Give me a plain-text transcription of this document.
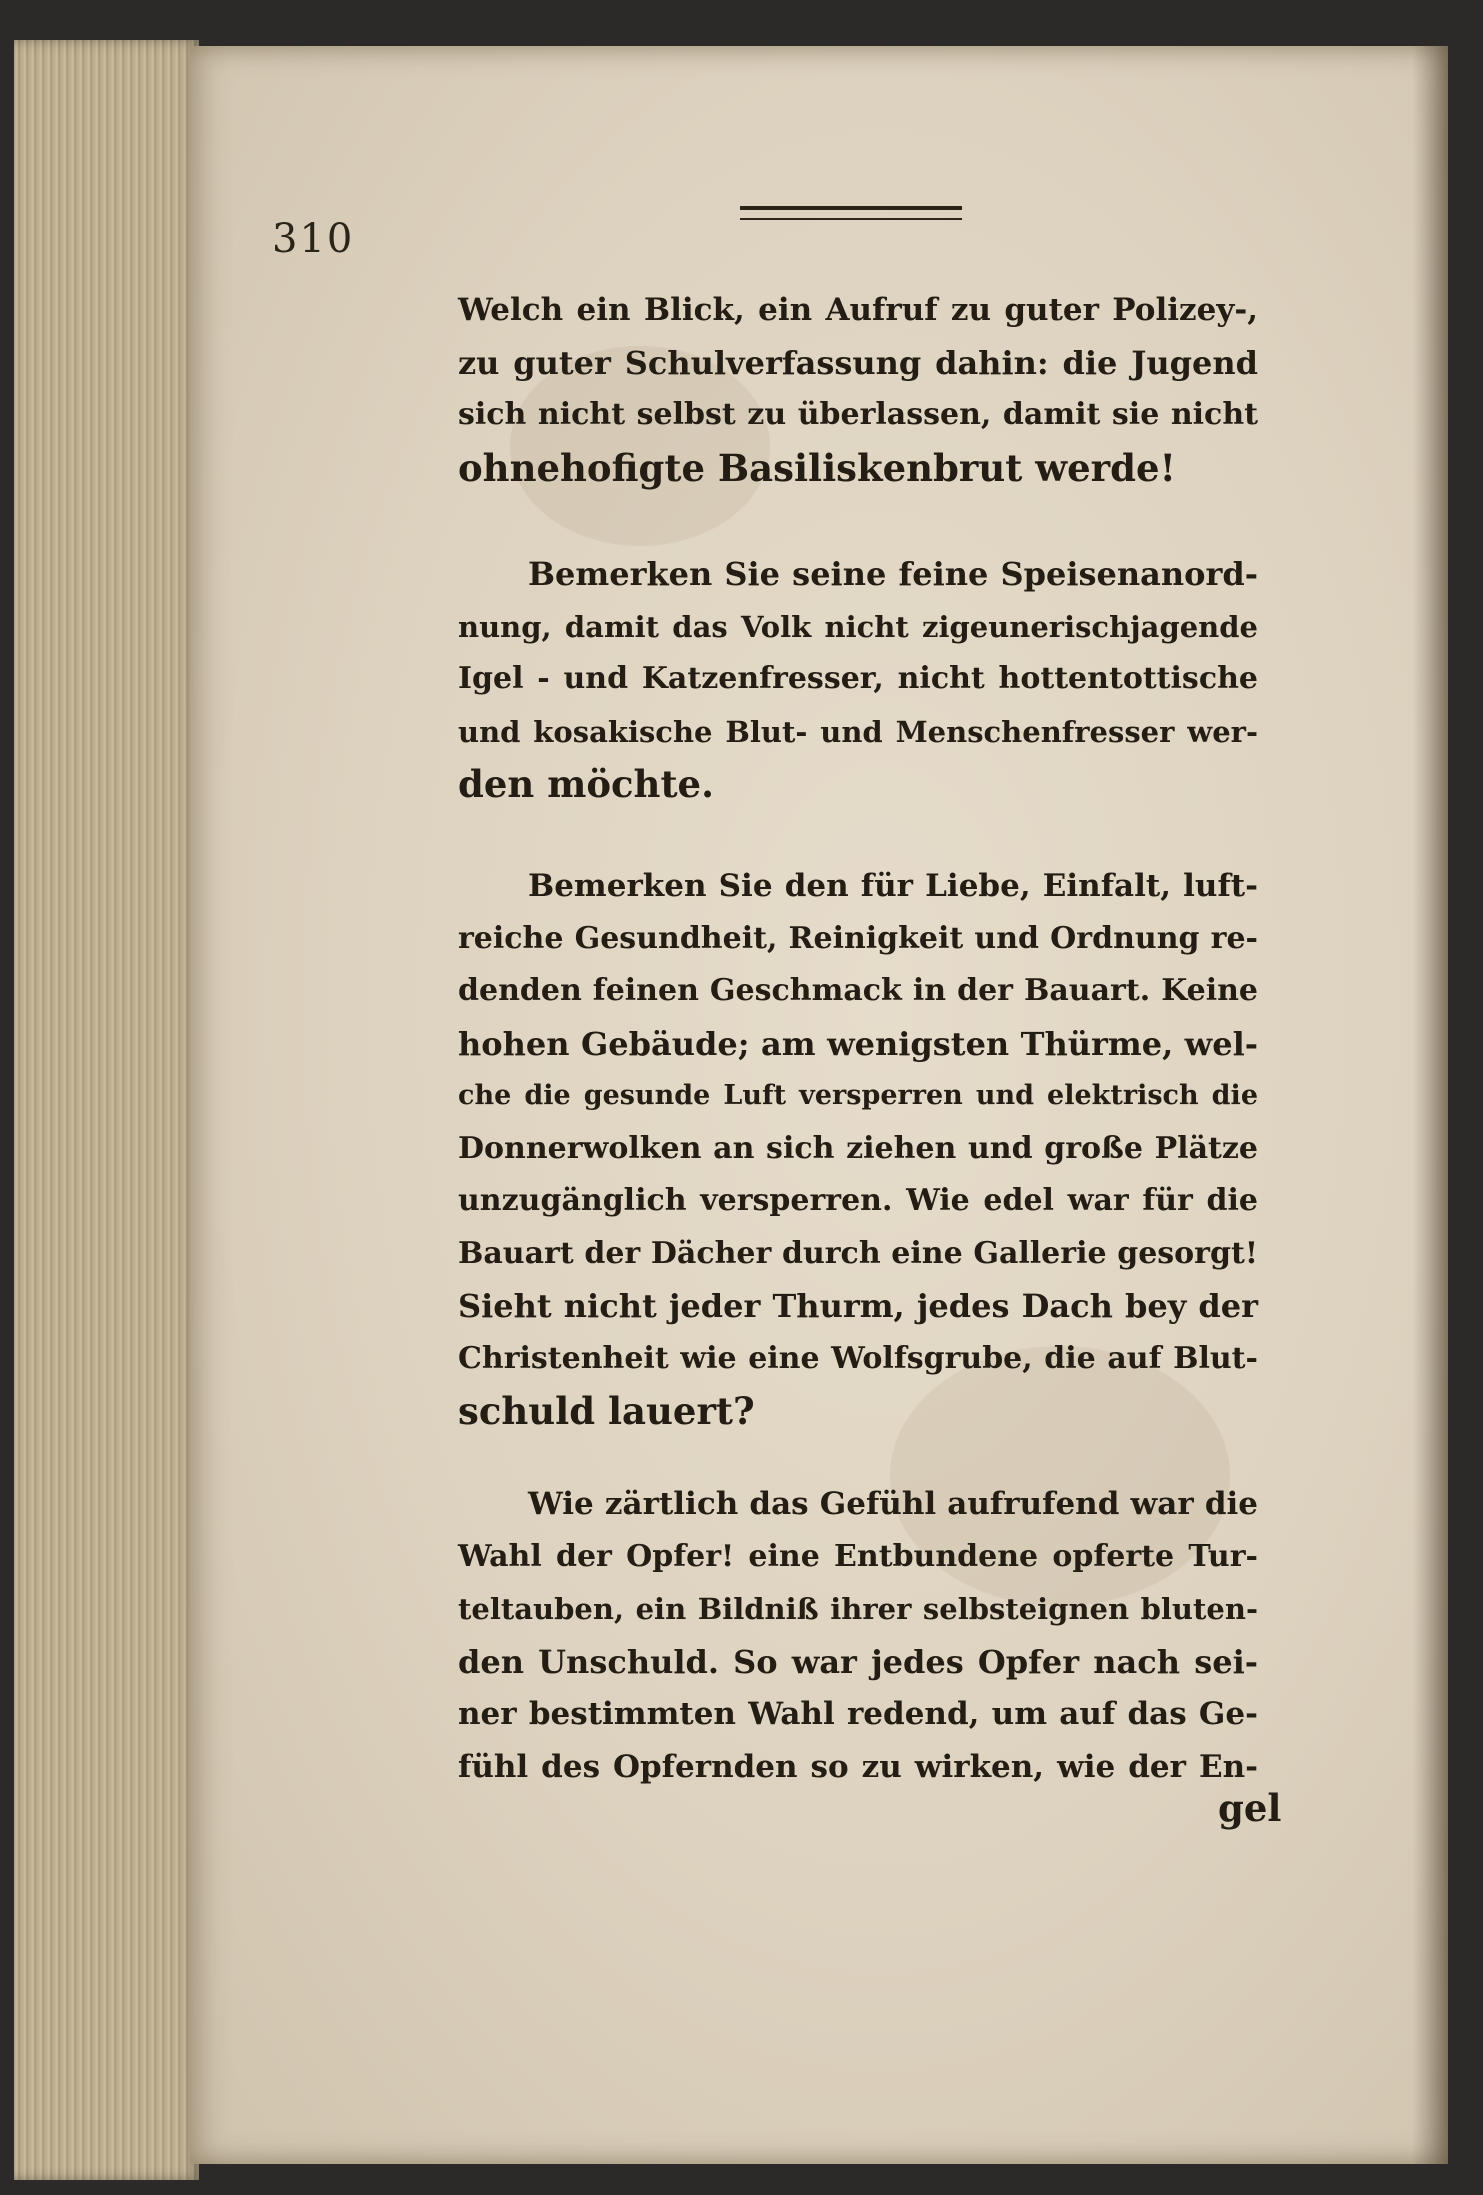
310
Welch ein Blick, ein Aufruf zu guter Polizey-,
zu guter Schulverfassung dahin: die Jugend
sich nicht selbst zu überlassen, damit sie nicht
ohnehofigte Basiliskenbrut werde!
Bemerken Sie seine feine Speisenanord-
nung, damit das Volk nicht zigeunerischjagende
Igel - und Katzenfresser, nicht hottentottische
und kosakische Blut- und Menschenfresser wer-
den möchte.
Bemerken Sie den für Liebe, Einfalt, luft-
reiche Gesundheit, Reinigkeit und Ordnung re-
denden feinen Geschmack in der Bauart. Keine
hohen Gebäude; am wenigsten Thürme, wel-
che die gesunde Luft versperren und elektrisch die
Donnerwolken an sich ziehen und große Plätze
unzugänglich versperren. Wie edel war für die
Bauart der Dächer durch eine Gallerie gesorgt!
Sieht nicht jeder Thurm, jedes Dach bey der
Christenheit wie eine Wolfsgrube, die auf Blut-
schuld lauert?
Wie zärtlich das Gefühl aufrufend war die
Wahl der Opfer! eine Entbundene opferte Tur-
teltauben, ein Bildniß ihrer selbsteignen bluten-
den Unschuld. So war jedes Opfer nach sei-
ner bestimmten Wahl redend, um auf das Ge-
fühl des Opfernden so zu wirken, wie der En-
gel
